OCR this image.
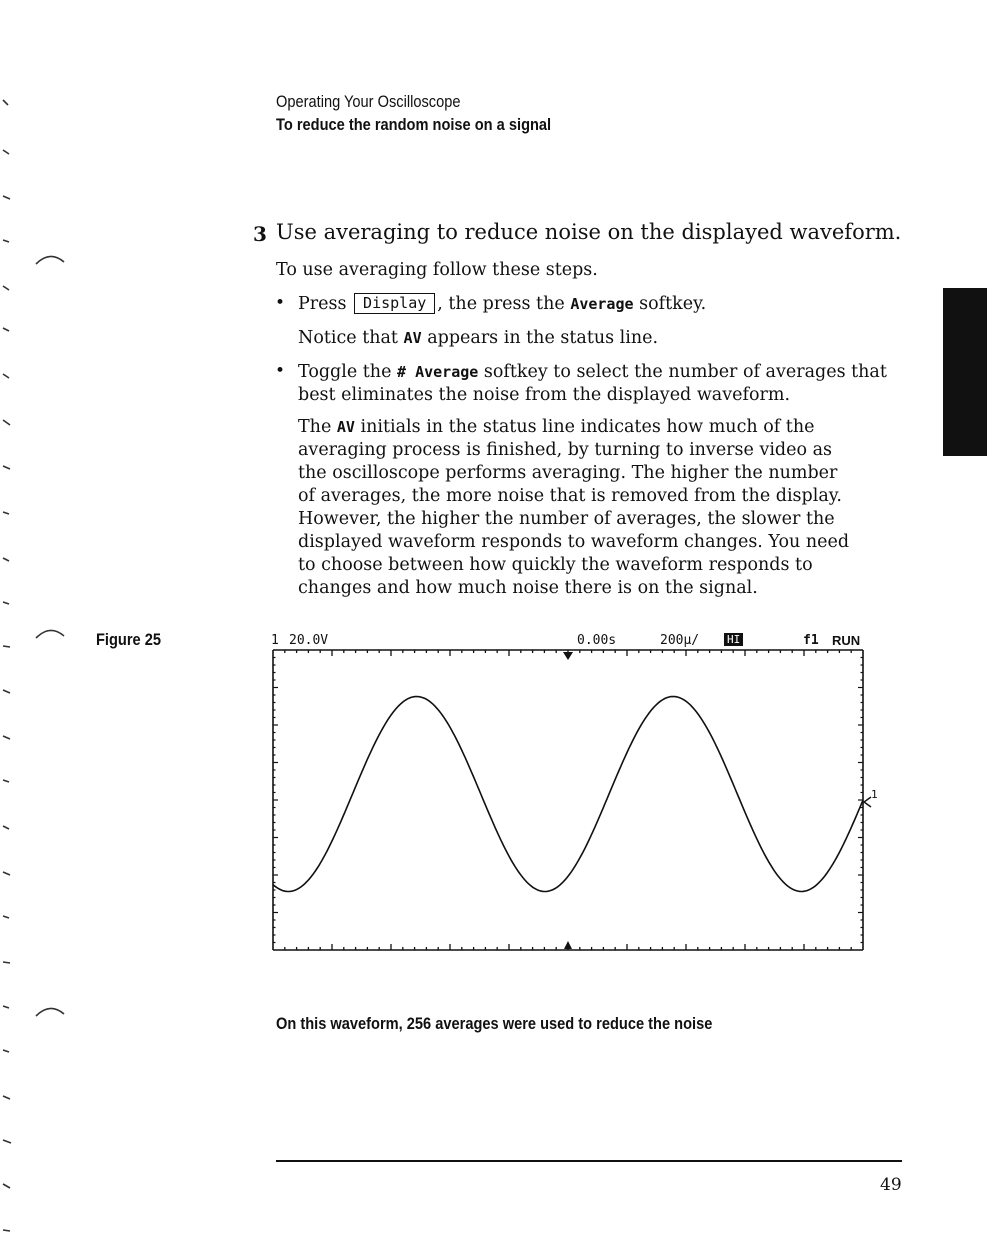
Operating Your Oscilloscope
To reduce the random noise on a signal
3 Use averaging to reduce noise on the displayed waveform.

To use averaging follow these steps.

• Press Display , the press the Average softkey.

Notice that AV appears in the status line.

• Toggle the # Average softkey to select the number of averages that best eliminates the noise from the displayed waveform.

The AV initials in the status line indicates how much of the averaging process is finished, by turning to inverse video as the oscilloscope performs averaging. The higher the number of averages, the more noise that is removed from the display. However, the higher the number of averages, the slower the displayed waveform responds to waveform changes. You need to choose between how quickly the waveform responds to changes and how much noise there is on the signal.

Figure 25	1 20.0V	0.00s	200µ/	HI	f1 RUN
1
On this waveform, 256 averages were used to reduce the noise
49
